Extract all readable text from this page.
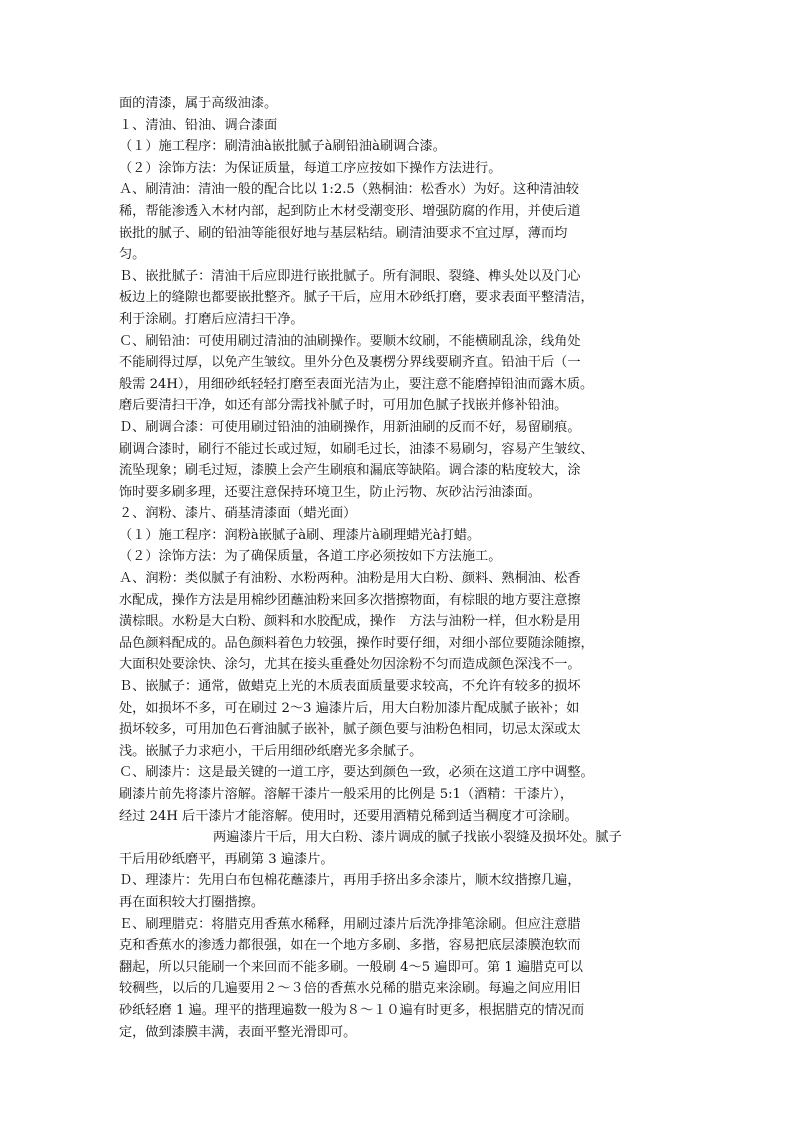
面的清漆，属于高级油漆。
１、清油、铅油、调合漆面
（１）施工程序：刷清油à嵌批腻子à刷铅油à刷调合漆。
（２）涂饰方法：为保证质量，每道工序应按如下操作方法进行。
Ａ、刷清油：清油一般的配合比以 1:2.5（熟桐油：松香水）为好。这种清油较
稀，帮能渗透入木材内部，起到防止木材受潮变形、增强防腐的作用，并使后道
嵌批的腻子、刷的铅油等能很好地与基层粘结。刷清油要求不宜过厚，薄而均
匀。
Ｂ、嵌批腻子：清油干后应即进行嵌批腻子。所有洞眼、裂缝、榫头处以及门心
板边上的缝隙也都要嵌批整齐。腻子干后，应用木砂纸打磨，要求表面平整清洁，
利于涂刷。打磨后应清扫干净。
Ｃ、刷铅油：可使用刷过清油的油刷操作。要顺木纹刷，不能横刷乱涂，线角处
不能刷得过厚，以免产生皱纹。里外分色及裹楞分界线要刷齐直。铅油干后（一
般需 24H），用细砂纸轻轻打磨至表面光洁为止，要注意不能磨掉铅油而露木质。
磨后要清扫干净，如还有部分需找补腻子时，可用加色腻子找嵌并修补铅油。
Ｄ、刷调合漆：可使用刷过铅油的油刷操作，用新油刷的反而不好，易留刷痕。
刷调合漆时，刷行不能过长或过短，如刷毛过长，油漆不易刷匀，容易产生皱纹、
流坠现象；刷毛过短，漆膜上会产生刷痕和漏底等缺陷。调合漆的粘度较大，涂
饰时要多刷多理，还要注意保持环境卫生，防止污物、灰砂沾污油漆面。
２、润粉、漆片、硝基清漆面（蜡光面）
（１）施工程序：润粉à嵌腻子à刷、理漆片à刷理蜡光à打蜡。
（２）涂饰方法：为了确保质量，各道工序必须按如下方法施工。
Ａ、润粉：类似腻子有油粉、水粉两种。油粉是用大白粉、颜料、熟桐油、松香
水配成，操作方法是用棉纱团蘸油粉来回多次揩擦物面，有棕眼的地方要注意擦
潢棕眼。水粉是大白粉、颜料和水胶配成，操作　方法与油粉一样，但水粉是用
品色颜料配成的。品色颜料着色力较强，操作时要仔细，对细小部位要随涂随擦，
大面积处要涂快、涂匀，尤其在接头重叠处勿因涂粉不匀而造成颜色深浅不一。
Ｂ、嵌腻子：通常，做蜡克上光的木质表面质量要求较高，不允许有较多的损坏
处，如损坏不多，可在刷过 2～3 遍漆片后，用大白粉加漆片配成腻子嵌补；如
损坏较多，可用加色石膏油腻子嵌补，腻子颜色要与油粉色相同，切忌太深或太
浅。嵌腻子力求疤小，干后用细砂纸磨光多余腻子。
Ｃ、刷漆片：这是最关键的一道工序，要达到颜色一致，必须在这道工序中调整。
刷漆片前先将漆片溶解。溶解干漆片一般采用的比例是 5:1（酒精：干漆片），
经过 24H 后干漆片才能溶解。使用时，还要用酒精兑稀到适当稠度才可涂刷。
两遍漆片干后，用大白粉、漆片调成的腻子找嵌小裂缝及损坏处。腻子
干后用砂纸磨平，再刷第 3 遍漆片。
Ｄ、理漆片：先用白布包棉花蘸漆片，再用手挤出多余漆片，顺木纹揩擦几遍，
再在面积较大打圈揩擦。
Ｅ、刷理腊克：将腊克用香蕉水稀释，用刷过漆片后洗净排笔涂刷。但应注意腊
克和香蕉水的渗透力都很强，如在一个地方多刷、多揩，容易把底层漆膜泡软而
翻起，所以只能刷一个来回而不能多刷。一般刷 4～5 遍即可。第 1 遍腊克可以
较稠些，以后的几遍要用２～３倍的香蕉水兑稀的腊克来涂刷。每遍之间应用旧
砂纸轻磨 1 遍。理平的揩理遍数一般为８～１０遍有时更多，根据腊克的情况而
定，做到漆膜丰满，表面平整光滑即可。
